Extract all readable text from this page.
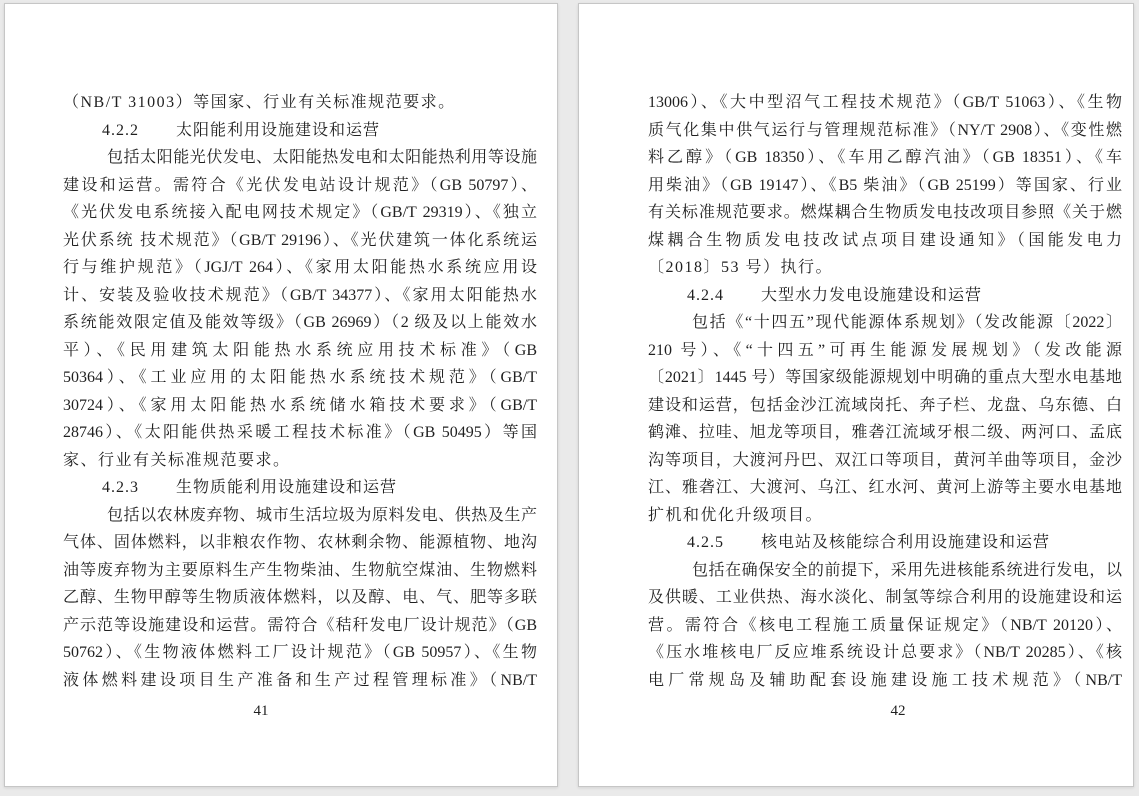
（NB/T 31003）等国家、行业有关标准规范要求。
4.2.2 太阳能利用设施建设和运营
包括太阳能光伏发电、太阳能热发电和太阳能热利用等设施
建设和运营。需符合《光伏发电站设计规范》（GB 50797）、
《光伏发电系统接入配电网技术规定》（GB/T 29319）、《独立
光伏系统 技术规范》（GB/T 29196）、《光伏建筑一体化系统运
行与维护规范》（JGJ/T 264）、《家用太阳能热水系统应用设
计、安装及验收技术规范》（GB/T 34377）、《家用太阳能热水
系统能效限定值及能效等级》（GB 26969）（2 级及以上能效水
平）、《民用建筑太阳能热水系统应用技术标准》（GB
50364）、《工业应用的太阳能热水系统技术规范》（GB/T
30724）、《家用太阳能热水系统储水箱技术要求》（GB/T
28746）、《太阳能供热采暖工程技术标准》（GB 50495）等国
家、行业有关标准规范要求。
4.2.3 生物质能利用设施建设和运营
包括以农林废弃物、城市生活垃圾为原料发电、供热及生产
气体、固体燃料，以非粮农作物、农林剩余物、能源植物、地沟
油等废弃物为主要原料生产生物柴油、生物航空煤油、生物燃料
乙醇、生物甲醇等生物质液体燃料，以及醇、电、气、肥等多联
产示范等设施建设和运营。需符合《秸秆发电厂设计规范》（GB
50762）、《生物液体燃料工厂设计规范》（GB 50957）、《生物
液体燃料建设项目生产准备和生产过程管理标准》（NB/T
41
13006）、《大中型沼气工程技术规范》（GB/T 51063）、《生物
质气化集中供气运行与管理规范标准》（NY/T 2908）、《变性燃
料乙醇》（GB 18350）、《车用乙醇汽油》（GB 18351）、《车
用柴油》（GB 19147）、《B5 柴油》（GB 25199）等国家、行业
有关标准规范要求。燃煤耦合生物质发电技改项目参照《关于燃
煤耦合生物质发电技改试点项目建设通知》（国能发电力
〔2018〕53 号）执行。
4.2.4 大型水力发电设施建设和运营
包括《“十四五”现代能源体系规划》（发改能源〔2022〕
210 号）、《“十四五”可再生能源发展规划》（发改能源
〔2021〕1445 号）等国家级能源规划中明确的重点大型水电基地
建设和运营，包括金沙江流域岗托、奔子栏、龙盘、乌东德、白
鹤滩、拉哇、旭龙等项目，雅砻江流域牙根二级、两河口、孟底
沟等项目，大渡河丹巴、双江口等项目，黄河羊曲等项目，金沙
江、雅砻江、大渡河、乌江、红水河、黄河上游等主要水电基地
扩机和优化升级项目。
4.2.5 核电站及核能综合利用设施建设和运营
包括在确保安全的前提下，采用先进核能系统进行发电，以
及供暖、工业供热、海水淡化、制氢等综合利用的设施建设和运
营。需符合《核电工程施工质量保证规定》（NB/T 20120）、
《压水堆核电厂反应堆系统设计总要求》（NB/T 20285）、《核
电厂常规岛及辅助配套设施建设施工技术规范》（NB/T
42
